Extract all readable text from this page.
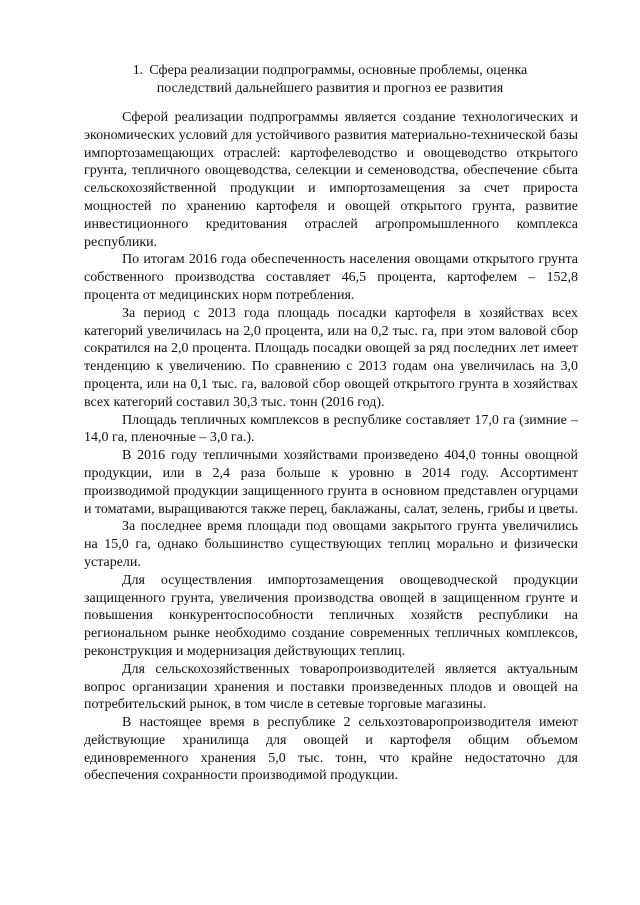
1. Сфера реализации подпрограммы, основные проблемы, оценка последствий дальнейшего развития и прогноз ее развития

Сферой реализации подпрограммы является создание технологических и экономических условий для устойчивого развития материально-технической базы импортозамещающих отраслей: картофелеводство и овощеводство открытого грунта, тепличного овощеводства, селекции и семеноводства, обеспечение сбыта сельскохозяйственной продукции и импортозамещения за счет прироста мощностей по хранению картофеля и овощей открытого грунта, развитие инвестиционного кредитования отраслей агропромышленного комплекса республики.

По итогам 2016 года обеспеченность населения овощами открытого грунта собственного производства составляет 46,5 процента, картофелем – 152,8 процента от медицинских норм потребления.

За период с 2013 года площадь посадки картофеля в хозяйствах всех категорий увеличилась на 2,0 процента, или на 0,2 тыс. га, при этом валовой сбор сократился на 2,0 процента. Площадь посадки овощей за ряд последних лет имеет тенденцию к увеличению. По сравнению с 2013 годам она увеличилась на 3,0 процента, или на 0,1 тыс. га, валовой сбор овощей открытого грунта в хозяйствах всех категорий составил 30,3 тыс. тонн (2016 год).

Площадь тепличных комплексов в республике составляет 17,0 га (зимние – 14,0 га, пленочные – 3,0 га.).

В 2016 году тепличными хозяйствами произведено 404,0 тонны овощной продукции, или в 2,4 раза больше к уровню в 2014 году. Ассортимент производимой продукции защищенного грунта в основном представлен огурцами и томатами, выращиваются также перец, баклажаны, салат, зелень, грибы и цветы.

За последнее время площади под овощами закрытого грунта увеличились на 15,0 га, однако большинство существующих теплиц морально и физически устарели.

Для осуществления импортозамещения овощеводческой продукции защищенного грунта, увеличения производства овощей в защищенном грунте и повышения конкурентоспособности тепличных хозяйств республики на региональном рынке необходимо создание современных тепличных комплексов, реконструкция и модернизация действующих теплиц.

Для сельскохозяйственных товаропроизводителей является актуальным вопрос организации хранения и поставки произведенных плодов и овощей на потребительский рынок, в том числе в сетевые торговые магазины.

В настоящее время в республике 2 сельхозтоваропроизводителя имеют действующие хранилища для овощей и картофеля общим объемом единовременного хранения 5,0 тыс. тонн, что крайне недостаточно для обеспечения сохранности производимой продукции.
